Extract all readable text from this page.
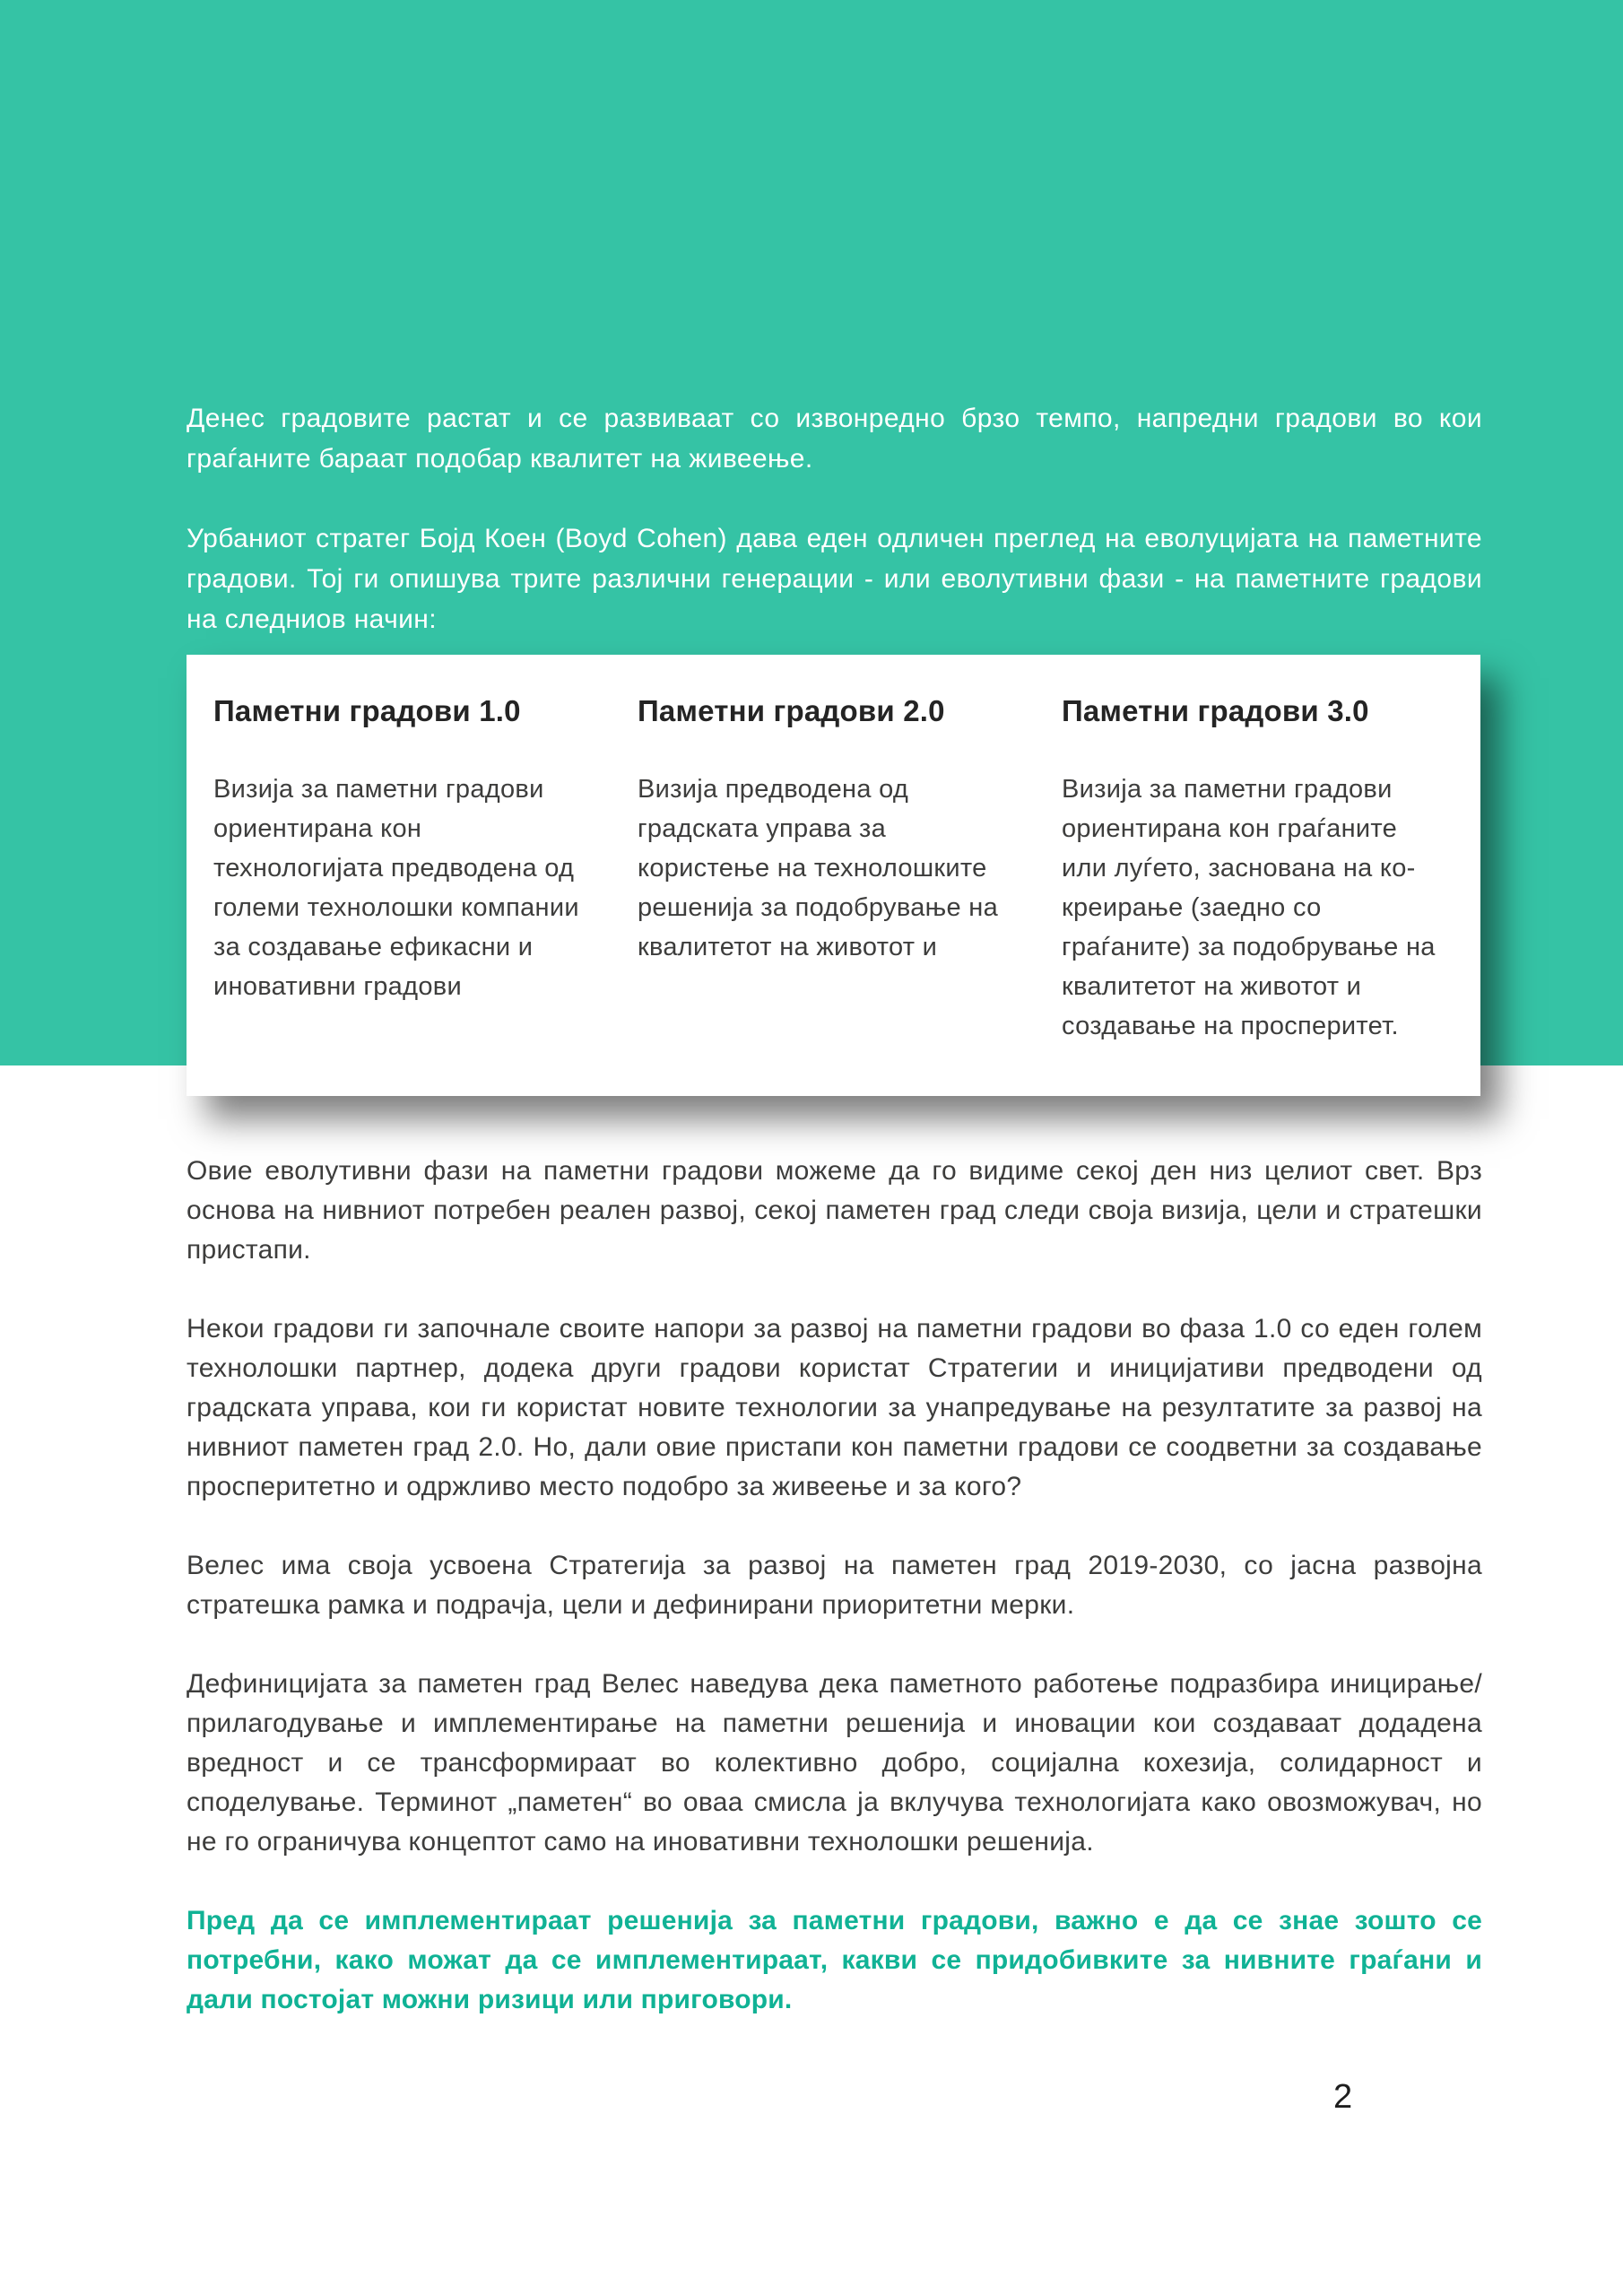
Денес градовите растат и се развиваат со извонредно брзо темпо, напредни градови во кои граѓаните бараат подобар квалитет на живеење.

Урбаниот стратег Бојд Коен (Boyd Cohen) дава еден одличен преглед на еволуцијата на паметните градови. Тој ги опишува трите различни генерации - или еволутивни фази - на паметните градови на следниов начин:

Паметни градови 1.0

Визија за паметни градови ориентирана кон технологијата предводена од големи технолошки компании за создавање ефикасни и иновативни градови

Паметни градови 2.0

Визија предводена од градската управа за користење на технолошките решенија за подобрување на квалитетот на животот и

Паметни градови 3.0

Визија за паметни градови ориентирана кон граѓаните или луѓето, заснована на ко-креирање (заедно со граѓаните) за подобрување на квалитетот на животот и создавање на просперитет.

Овие еволутивни фази на паметни градови можеме да го видиме секој ден низ целиот свет. Врз основа на нивниот потребен реален развој, секој паметен град следи своја визија, цели и стратешки пристапи.

Некои градови ги започнале своите напори за развој на паметни градови во фаза 1.0 со еден голем технолошки партнер, додека други градови користат Стратегии и иницијативи предводени од градската управа, кои ги користат новите технологии за унапредување на резултатите за развој на нивниот паметен град 2.0. Но, дали овие пристапи кон паметни градови се соодветни за создавање просперитетно и одржливо место подобро за живеење и за кого?

Велес има своја усвоена Стратегија за развој на паметен град 2019-2030, со јасна развојна стратешка рамка и подрачја, цели и дефинирани приоритетни мерки.

Дефиницијата за паметен град Велес наведува дека паметното работење подразбира иницирање/прилагодување и имплементирање на паметни решенија и иновации кои создаваат додадена вредност и се трансформираат во колективно добро, социјална кохезија, солидарност и споделување. Терминот „паметен“ во оваа смисла ја вклучува технологијата како овозможувач, но не го ограничува концептот само на иновативни технолошки решенија.

Пред да се имплементираат решенија за паметни градови, важно е да се знае зошто се потребни, како можат да се имплементираат, какви се придобивките за нивните граѓани и дали постојат можни ризици или приговори.

2
